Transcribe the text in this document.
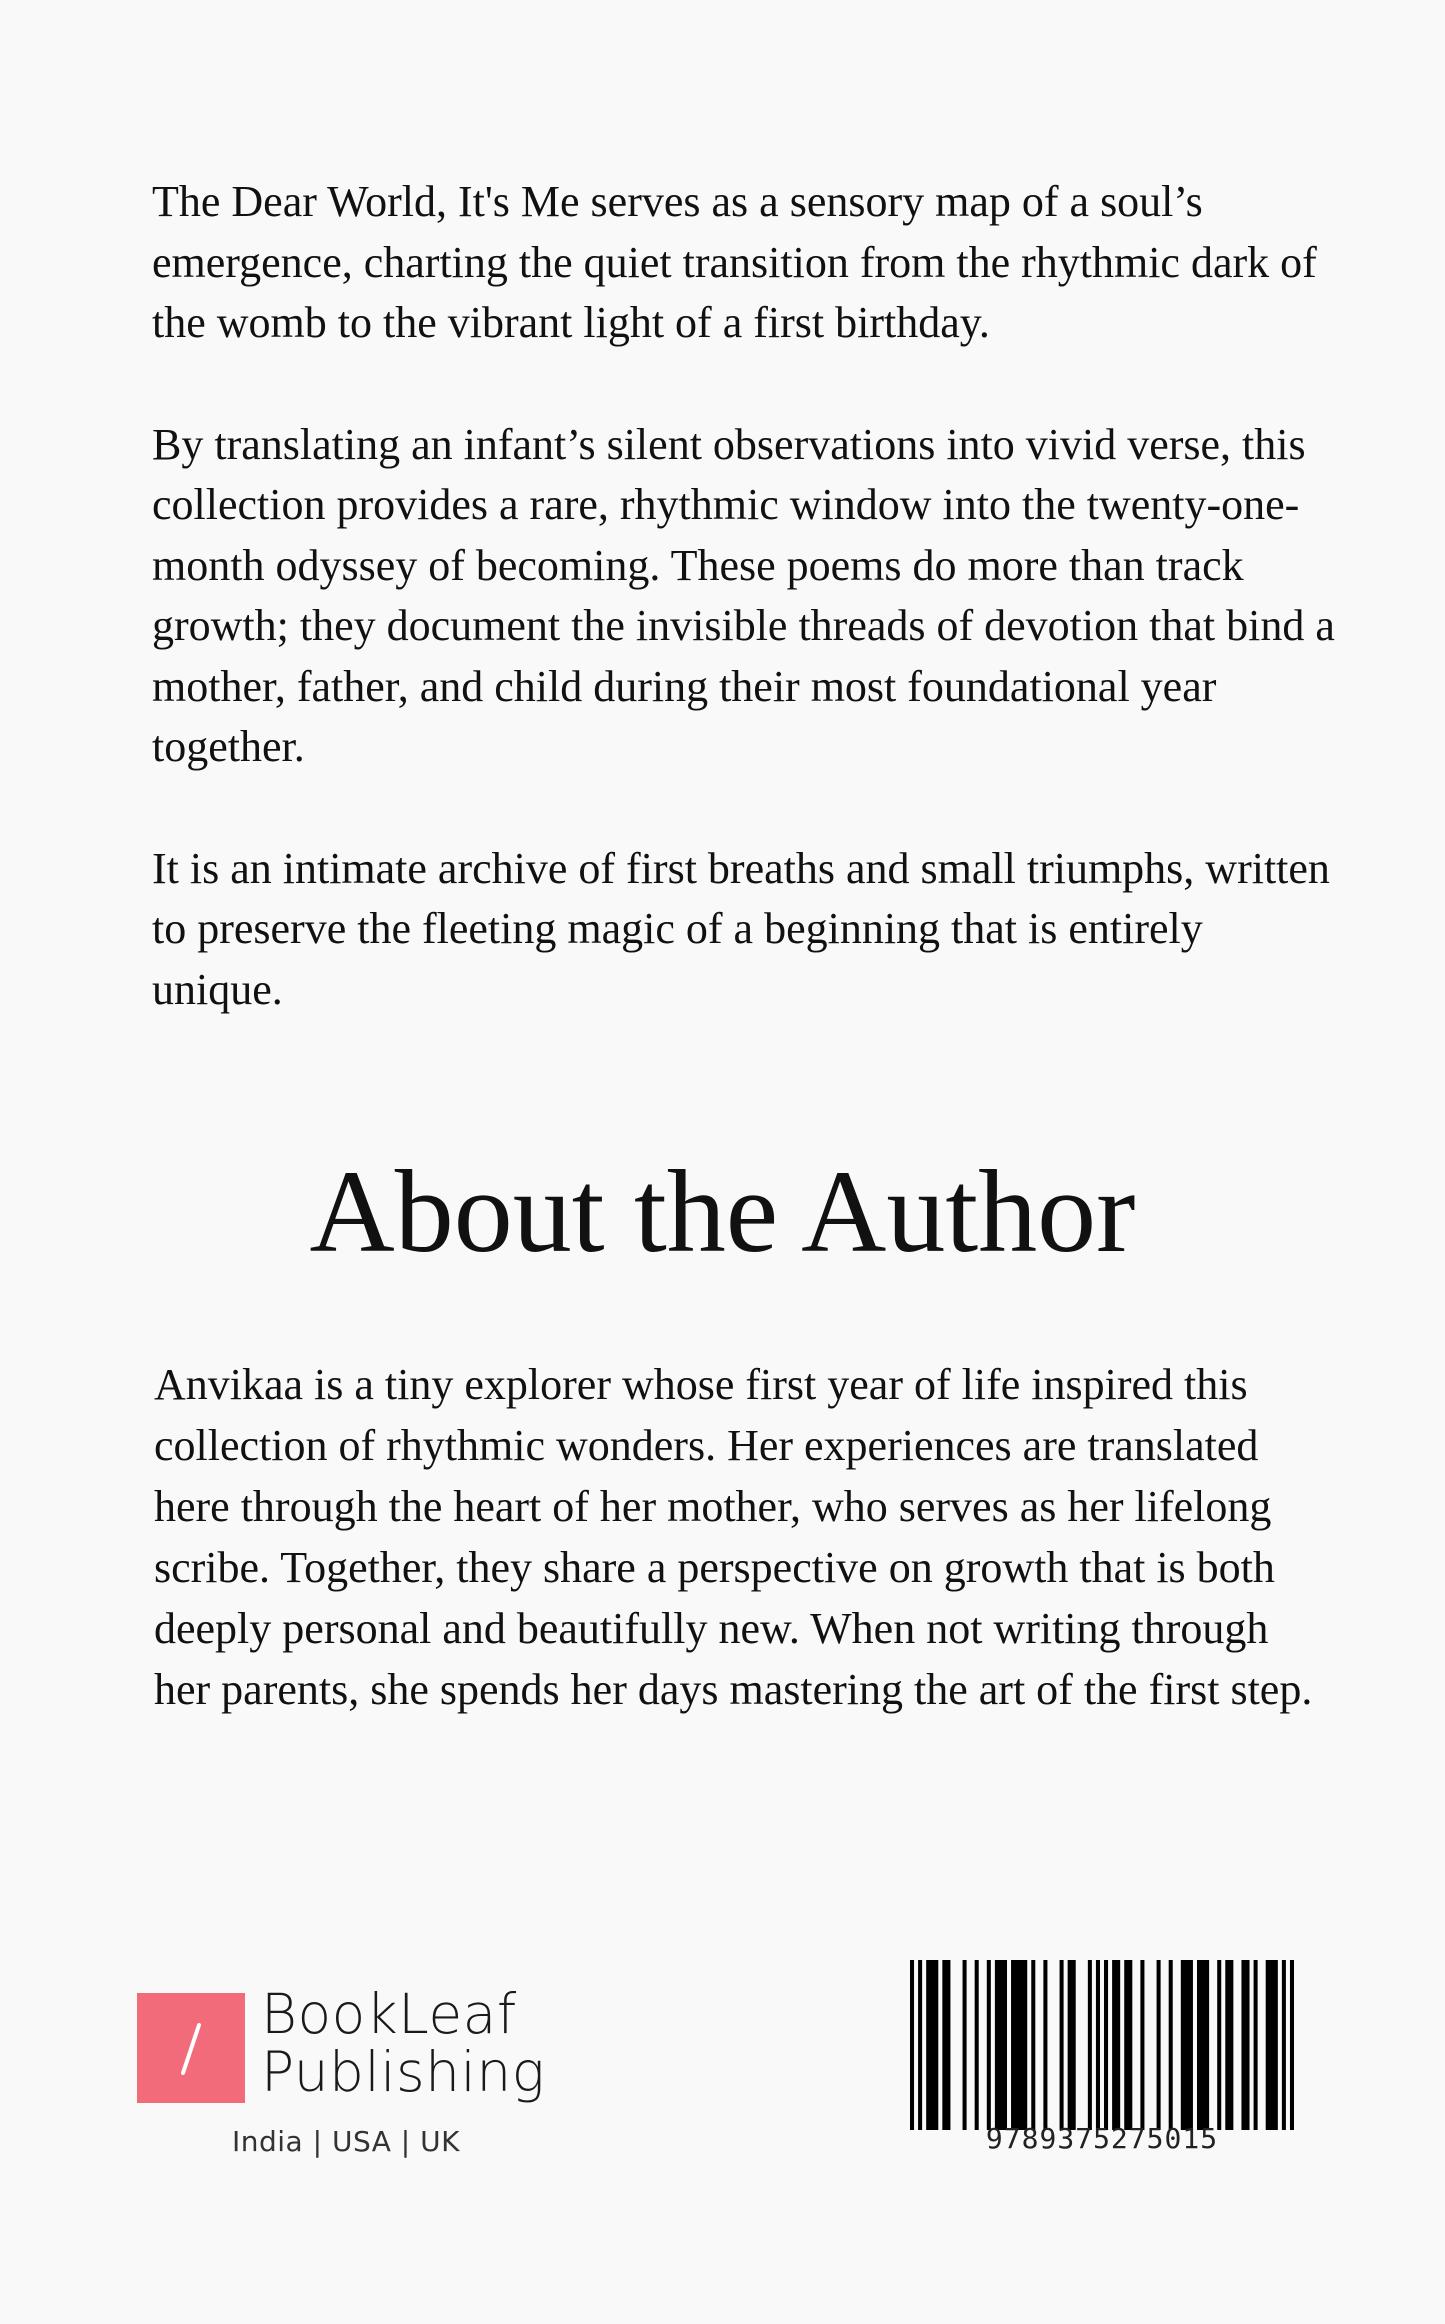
The Dear World, It's Me serves as a sensory map of a soul’s emergence, charting the quiet transition from the rhythmic dark of the womb to the vibrant light of a first birthday.

By translating an infant’s silent observations into vivid verse, this collection provides a rare, rhythmic window into the twenty-one-month odyssey of becoming. These poems do more than track growth; they document the invisible threads of devotion that bind a mother, father, and child during their most foundational year together.

It is an intimate archive of first breaths and small triumphs, written to preserve the fleeting magic of a beginning that is entirely unique.

About the Author

Anvikaa is a tiny explorer whose first year of life inspired this collection of rhythmic wonders. Her experiences are translated here through the heart of her mother, who serves as her lifelong scribe. Together, they share a perspective on growth that is both deeply personal and beautifully new. When not writing through her parents, she spends her days mastering the art of the first step.

BookLeaf
Publishing
India | USA | UK	9789375275015
